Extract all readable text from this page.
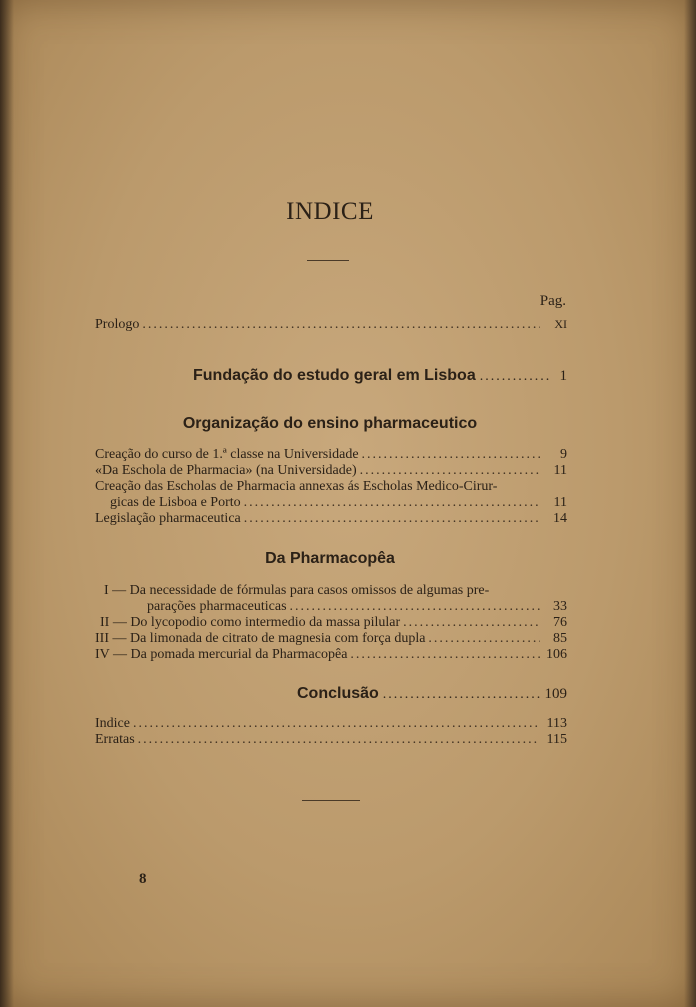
INDICE
Pag.
Prologo .....	XI
Fundação do estudo geral em Lisboa .....	1
Organização do ensino pharmaceutico
Creação do curso de 1.ª classe na Universidade .....	9
«Da Eschola de Pharmacia» (na Universidade) .....	11
Creação das Escholas de Pharmacia annexas ás Escholas Medico-Cirur-
gicas de Lisboa e Porto .....	11
Legislação pharmaceutica .....	14
Da Pharmacopêa
I — Da necessidade de fórmulas para casos omissos de algumas pre-
parações pharmaceuticas .....	33
II — Do lycopodio como intermedio da massa pilular .....	76
III — Da limonada de citrato de magnesia com força dupla .....	85
IV — Da pomada mercurial da Pharmacopêa .....	106
Conclusão .....	109
Indice .....	113
Erratas .....	115
8
